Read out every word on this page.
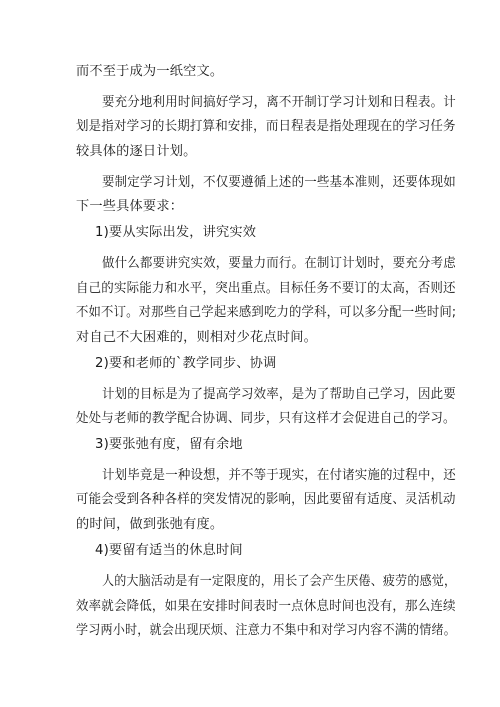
而不至于成为一纸空文。
要充分地利用时间搞好学习，离不开制订学习计划和日程表。计
划是指对学习的长期打算和安排，而日程表是指处理现在的学习任务
较具体的逐日计划。
要制定学习计划，不仅要遵循上述的一些基本准则，还要体现如
下一些具体要求：
1)要从实际出发，讲究实效
做什么都要讲究实效，要量力而行。在制订计划时，要充分考虑
自己的实际能力和水平，突出重点。目标任务不要订的太高，否则还
不如不订。对那些自己学起来感到吃力的学科，可以多分配一些时间;
对自己不大困难的，则相对少花点时间。
2)要和老师的`教学同步、协调
计划的目标是为了提高学习效率，是为了帮助自己学习，因此要
处处与老师的教学配合协调、同步，只有这样才会促进自己的学习。
3)要张弛有度，留有余地
计划毕竟是一种设想，并不等于现实，在付诸实施的过程中，还
可能会受到各种各样的突发情况的影响，因此要留有适度、灵活机动
的时间，做到张弛有度。
4)要留有适当的休息时间
人的大脑活动是有一定限度的，用长了会产生厌倦、疲劳的感觉，
效率就会降低，如果在安排时间表时一点休息时间也没有，那么连续
学习两小时，就会出现厌烦、注意力不集中和对学习内容不满的情绪。
